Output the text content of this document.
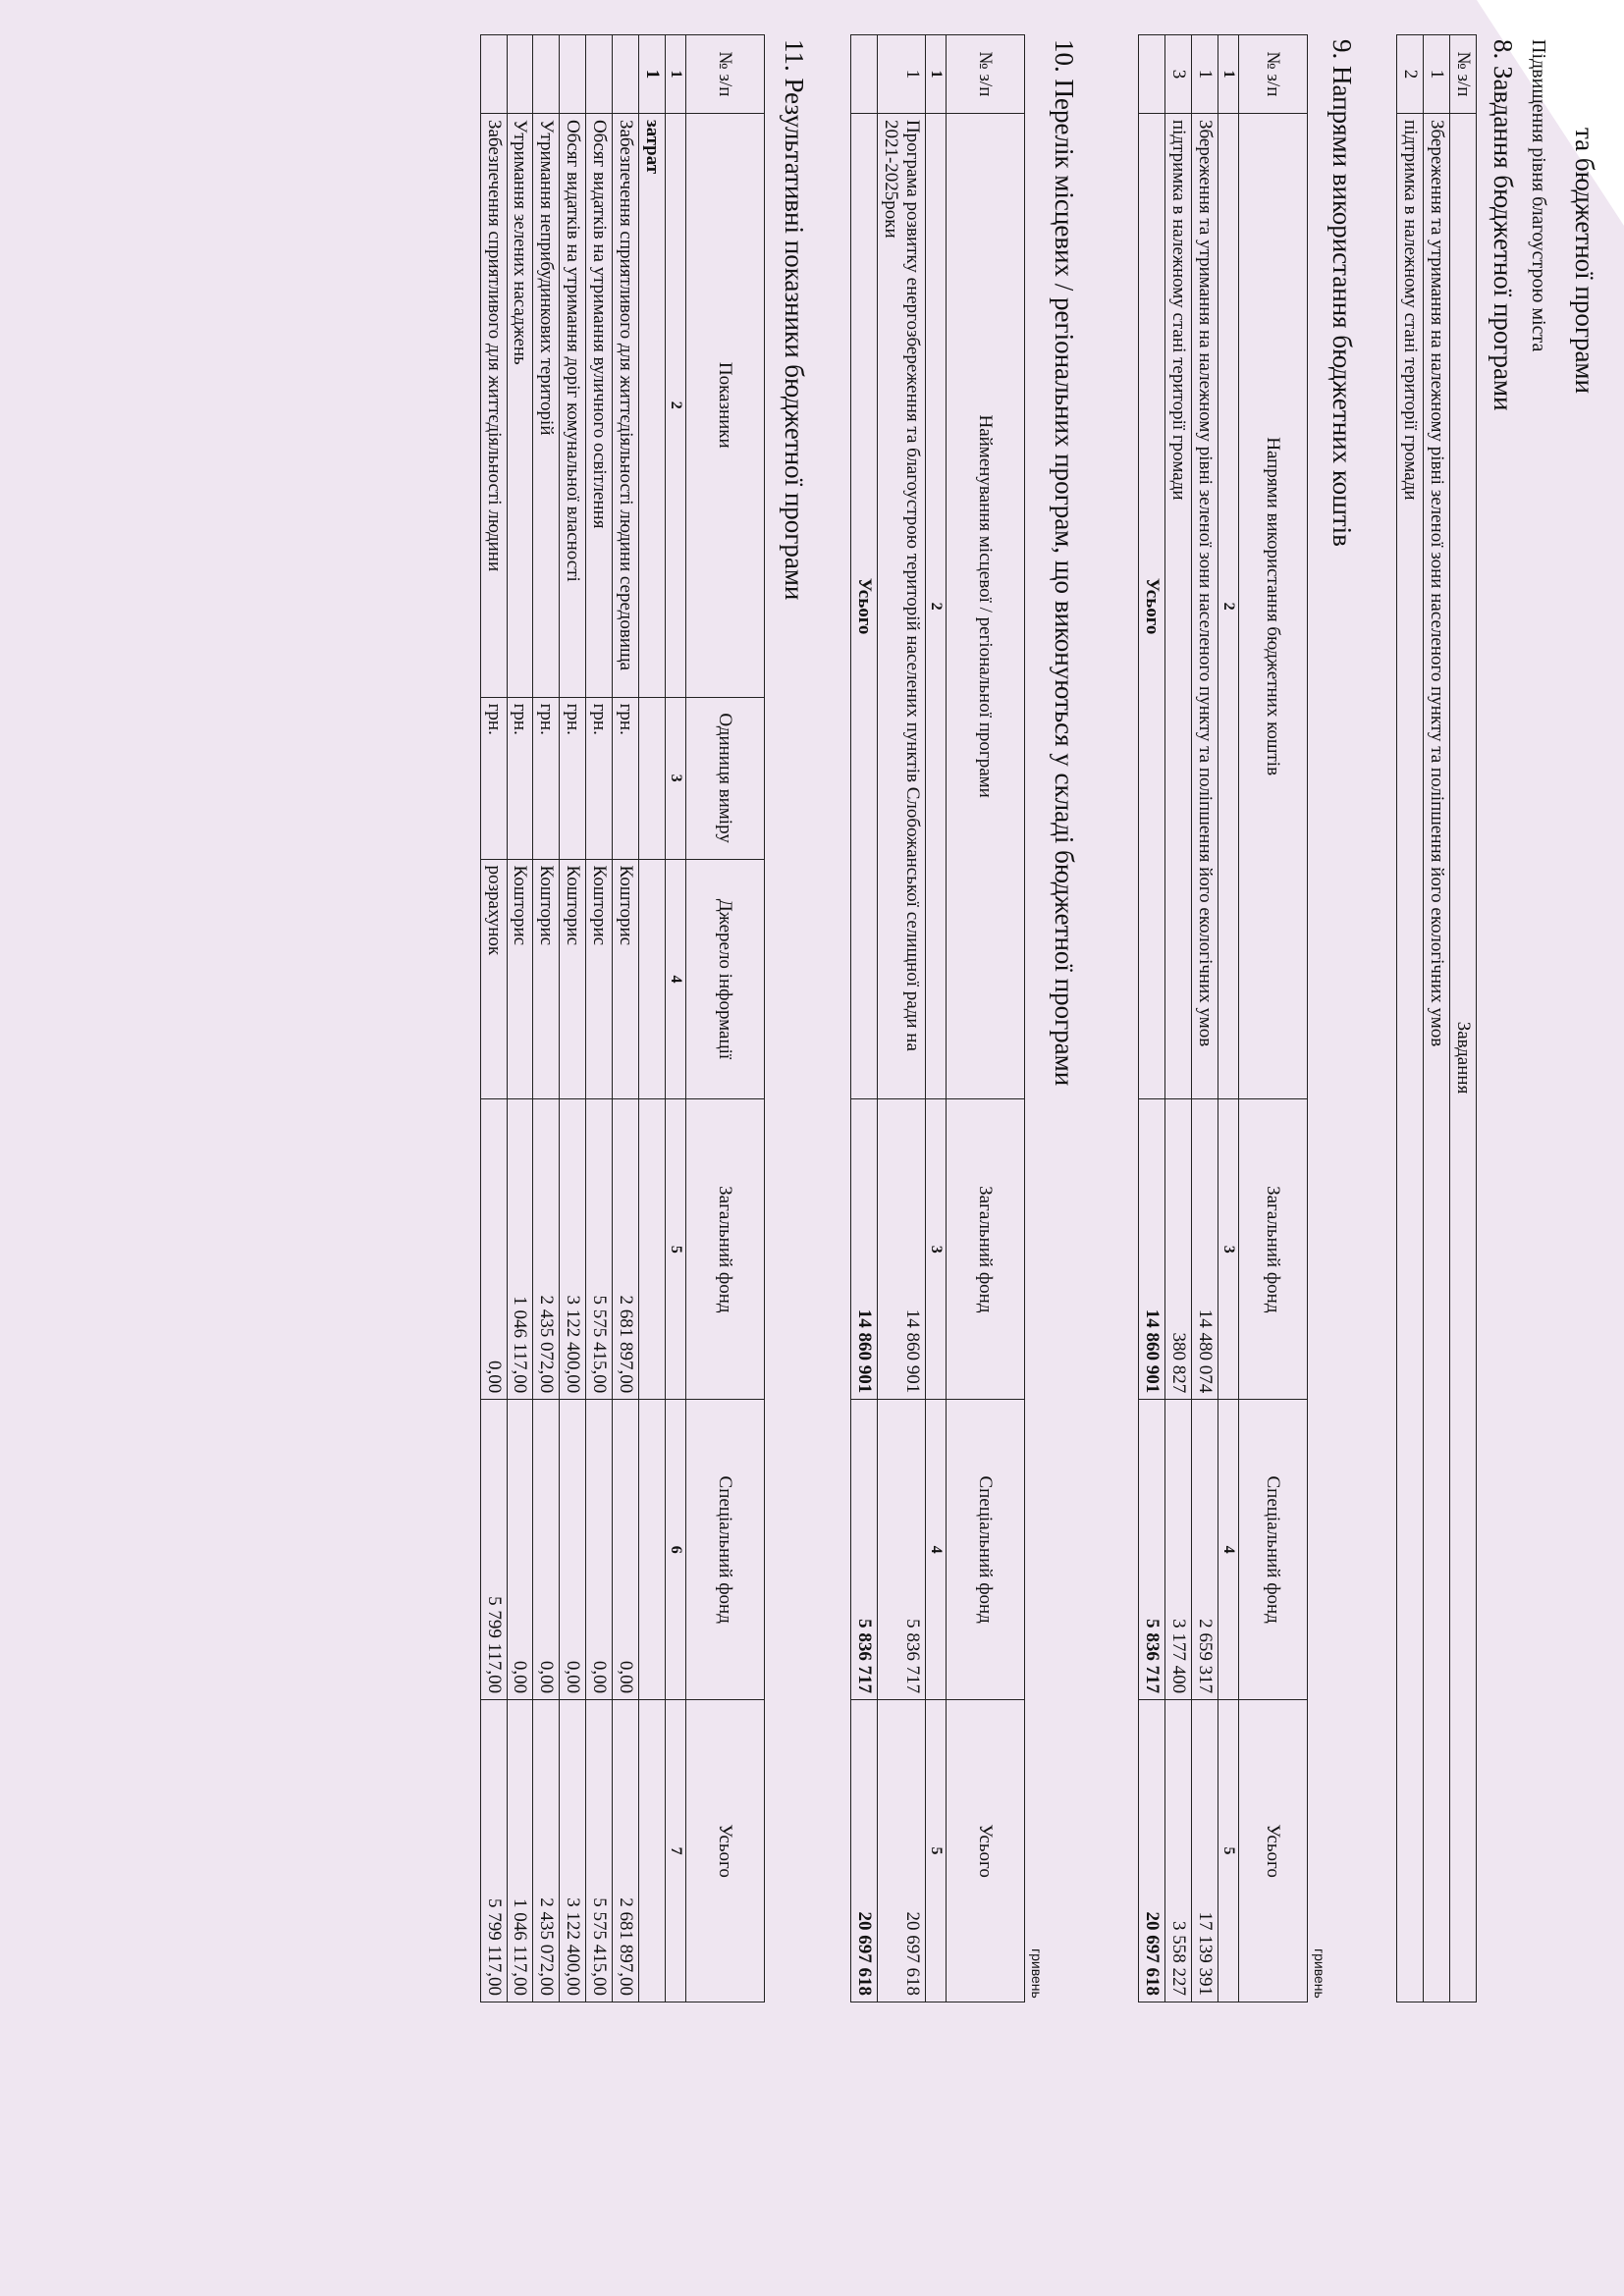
та бюджетної програми
Підвищення рівня благоустрою міста
8. Завдання бюджетної програми
№ з/п	Завдання
1	Збереження та утримання на належному рівні зеленої зони населеного пункту та поліпшення його екологічних умов
2	підтримка в належному стані території громади
9. Напрями використання бюджетних коштів
гривень
№ з/п	Напрями використання бюджетних коштів	Загальний фонд	Спеціальний фонд	Усього
1	2	3	4	5
1	Збереження та утримання на належному рівні зеленої зони населеного пункту та поліпшення його екологічних умов	14 480 074	2 659 317	17 139 391
3	підтримка в належному стані території громади	380 827	3 177 400	3 558 227
	Усього	14 860 901	5 836 717	20 697 618
10. Перелік місцевих / регіональних програм, що виконуються у складі бюджетної програми
гривень
№ з/п	Найменування місцевої / регіональної програми	Загальний фонд	Спеціальний фонд	Усього
1	2	3	4	5
1	Програма розвитку енергозбереження та благоустрою територій населених пунктів Слобожанської селищної ради на 2021-2025роки	14 860 901	5 836 717	20 697 618
	Усього	14 860 901	5 836 717	20 697 618
11. Результативні показники бюджетної програми
№ з/п	Показники	Одиниця виміру	Джерело інформації	Загальний фонд	Спеціальний фонд	Усього
1	2	3	4	5	6	7
1	затрат					
	Забезпечення сприятливого для життєдіяльності людини середовища	грн.	Кошторис	2 681 897,00	0,00	2 681 897,00
	Обсяг видатків на утримання вуличного освітлення	грн.	Кошторис	5 575 415,00	0,00	5 575 415,00
	Обсяг видатків на утримання доріг комунальної власності	грн.	Кошторис	3 122 400,00	0,00	3 122 400,00
	Утримання неприбудинкових територій	грн.	Кошторис	2 435 072,00	0,00	2 435 072,00
	Утримання зелених насаджень	грн.	Кошторис	1 046 117,00	0,00	1 046 117,00
	Забезпечення сприятливого для життєдіяльності людини	грн.	розрахунок	0,00	5 799 117,00	5 799 117,00
